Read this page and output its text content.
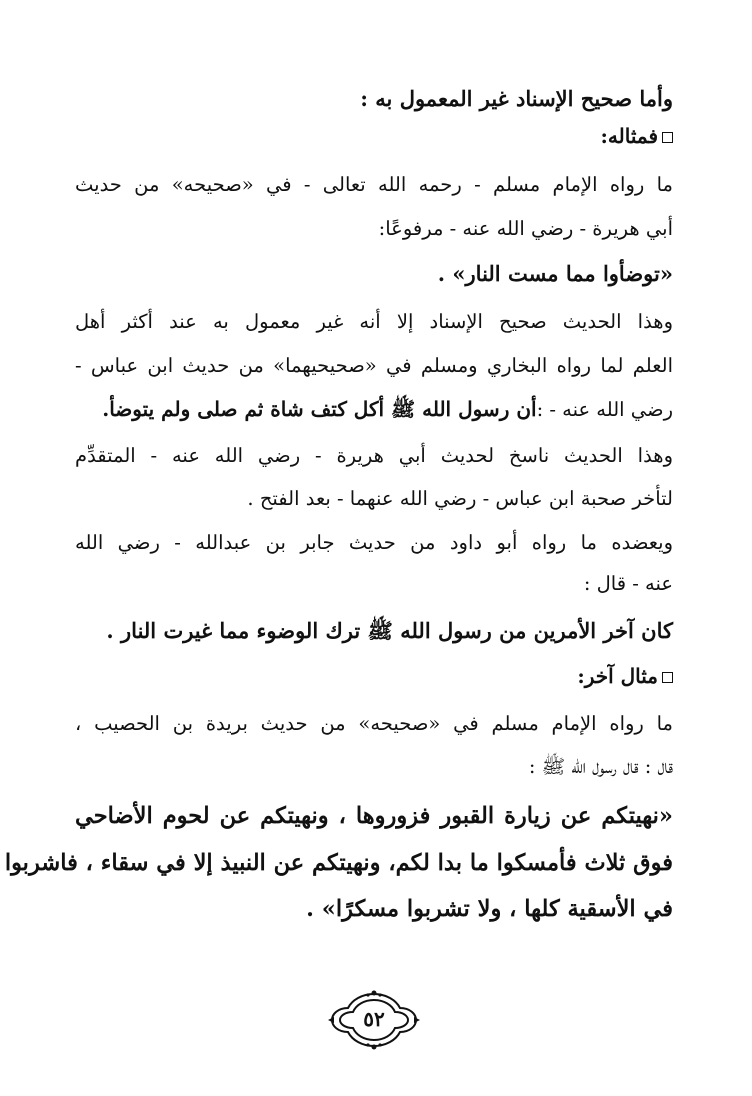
وأما صحيح الإسناد غير المعمول به :
فمثاله:
ما رواه الإمام مسلم - رحمه الله تعالى - في «صحيحه» من حديث
أبي هريرة - رضي الله عنه - مرفوعًا:
«توضأوا مما مست النار» .
وهذا الحديث صحيح الإسناد إلا أنه غير معمول به عند أكثر أهل
العلم لما رواه البخاري ومسلم في «صحيحيهما» من حديث ابن عباس -
رضي الله عنه - :أن رسول الله ﷺ أكل كتف شاة ثم صلى ولم يتوضأ.
وهذا الحديث ناسخ لحديث أبي هريرة - رضي الله عنه - المتقدِّم
لتأخر صحبة ابن عباس - رضي الله عنهما - بعد الفتح .
ويعضده ما رواه أبو داود من حديث جابر بن عبدالله - رضي الله
عنه - قال :
كان آخر الأمرين من رسول الله ﷺ ترك الوضوء مما غيرت النار .
مثال آخر:
ما رواه الإمام مسلم في «صحيحه» من حديث بريدة بن الحصيب ،
قال : قال رسول الله ﷺ :
«نهيتكم عن زيارة القبور فزوروها ، ونهيتكم عن لحوم الأضاحي
فوق ثلاث فأمسكوا ما بدا لكم، ونهيتكم عن النبيذ إلا في سقاء ، فاشربوا
في الأسقية كلها ، ولا تشربوا مسكرًا» .
٥٢
